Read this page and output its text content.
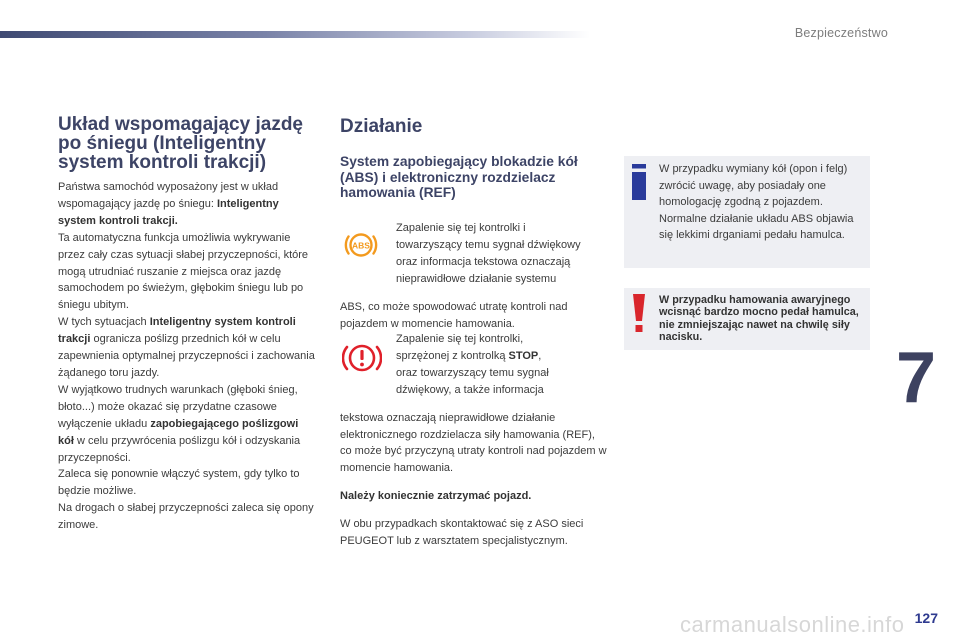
Bezpieczeństwo
Układ wspomagający jazdę po śniegu (Inteligentny system kontroli trakcji)

Państwa samochód wyposażony jest w układ wspomagający jazdę po śniegu: Inteligentny system kontroli trakcji.

Ta automatyczna funkcja umożliwia wykrywanie przez cały czas sytuacji słabej przyczepności, które mogą utrudniać ruszanie z miejsca oraz jazdę samochodem po świeżym, głębokim śniegu lub po śniegu ubitym.

W tych sytuacjach Inteligentny system kontroli trakcji ogranicza poślizg przednich kół w celu zapewnienia optymalnej przyczepności i zachowania żądanego toru jazdy.

W wyjątkowo trudnych warunkach (głęboki śnieg, błoto...) może okazać się przydatne czasowe wyłączenie układu zapobiegającego poślizgowi kół w celu przywrócenia poślizgu kół i odzyskania przyczepności.

Zaleca się ponownie włączyć system, gdy tylko to będzie możliwe.

Na drogach o słabej przyczepności zaleca się opony zimowe.

Działanie
System zapobiegający blokadzie kół (ABS) i elektroniczny rozdzielacz hamowania (REF)
ABS
Zapalenie się tej kontrolki i
towarzyszący temu sygnał dźwiękowy
oraz informacja tekstowa oznaczają
nieprawidłowe działanie systemu

ABS, co może spowodować utratę kontroli nad pojazdem w momencie hamowania.

Zapalenie się tej kontrolki,
sprzężonej z kontrolką STOP,
oraz towarzyszący temu sygnał
dźwiękowy, a także informacja

tekstowa oznaczają nieprawidłowe działanie elektronicznego rozdzielacza siły hamowania (REF), co może być przyczyną utraty kontroli nad pojazdem w momencie hamowania.

Należy koniecznie zatrzymać pojazd.

W obu przypadkach skontaktować się z ASO sieci PEUGEOT lub z warsztatem specjalistycznym.

W przypadku wymiany kół (opon i felg) zwrócić uwagę, aby posiadały one homologację zgodną z pojazdem.

Normalne działanie układu ABS objawia się lekkimi drganiami pedału hamulca.

W przypadku hamowania awaryjnego wcisnąć bardzo mocno pedał hamulca, nie zmniejszając nawet na chwilę siły nacisku.
7
carmanualsonline.info 127
